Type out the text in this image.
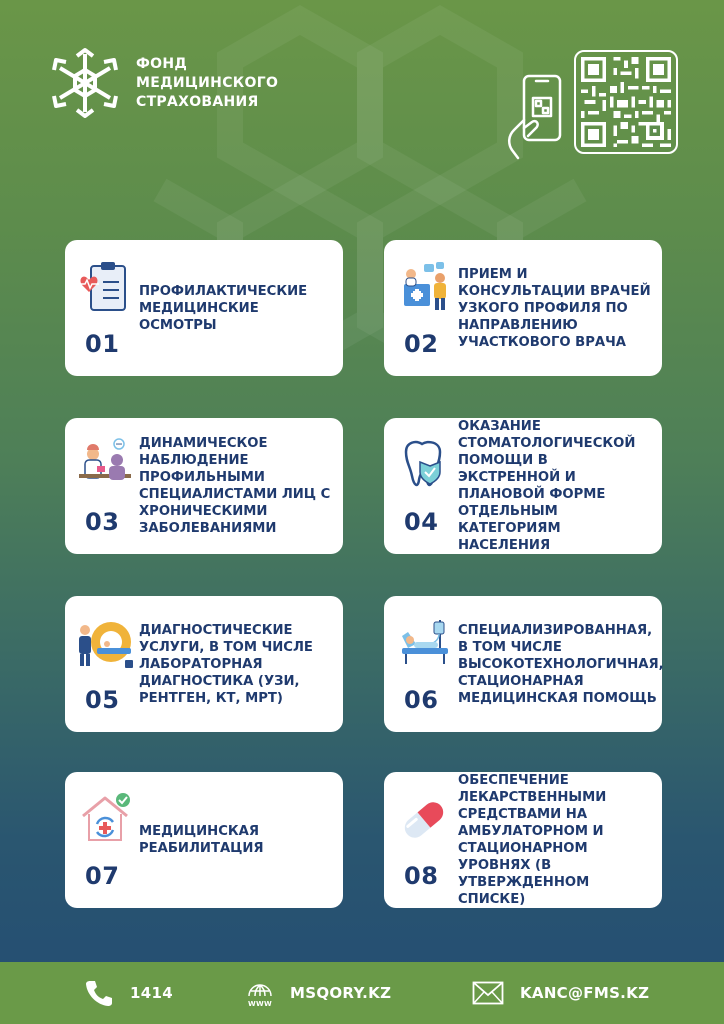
ФОНД
МЕДИЦИНСКОГО
СТРАХОВАНИЯ
ПРОФИЛАКТИЧЕСКИЕ МЕДИЦИНСКИЕ ОСМОТРЫ
01
ПРИЕМ И КОНСУЛЬТАЦИИ ВРАЧЕЙ УЗКОГО ПРОФИЛЯ ПО НАПРАВЛЕНИЮ УЧАСТКОВОГО ВРАЧА
02
ДИНАМИЧЕСКОЕ НАБЛЮДЕНИЕ ПРОФИЛЬНЫМИ СПЕЦИАЛИСТАМИ ЛИЦ С ХРОНИЧЕСКИМИ ЗАБОЛЕВАНИЯМИ
03
ОКАЗАНИЕ СТОМАТОЛОГИЧЕСКОЙ ПОМОЩИ В ЭКСТРЕННОЙ И ПЛАНОВОЙ ФОРМЕ ОТДЕЛЬНЫМ КАТЕГОРИЯМ НАСЕЛЕНИЯ
04
ДИАГНОСТИЧЕСКИЕ УСЛУГИ, В ТОМ ЧИСЛЕ ЛАБОРАТОРНАЯ ДИАГНОСТИКА (УЗИ, РЕНТГЕН, КТ, МРТ)
05
СПЕЦИАЛИЗИРОВАННАЯ, В ТОМ ЧИСЛЕ ВЫСОКОТЕХНОЛОГИЧНАЯ, СТАЦИОНАРНАЯ МЕДИЦИНСКАЯ ПОМОЩЬ
06
МЕДИЦИНСКАЯ РЕАБИЛИТАЦИЯ
07
ОБЕСПЕЧЕНИЕ ЛЕКАРСТВЕННЫМИ СРЕДСТВАМИ НА АМБУЛАТОРНОМ И СТАЦИОНАРНОМ УРОВНЯХ (В УТВЕРЖДЕННОМ СПИСКЕ)
08
1414
WWW
MSQORY.KZ	KANC@FMS.KZ
